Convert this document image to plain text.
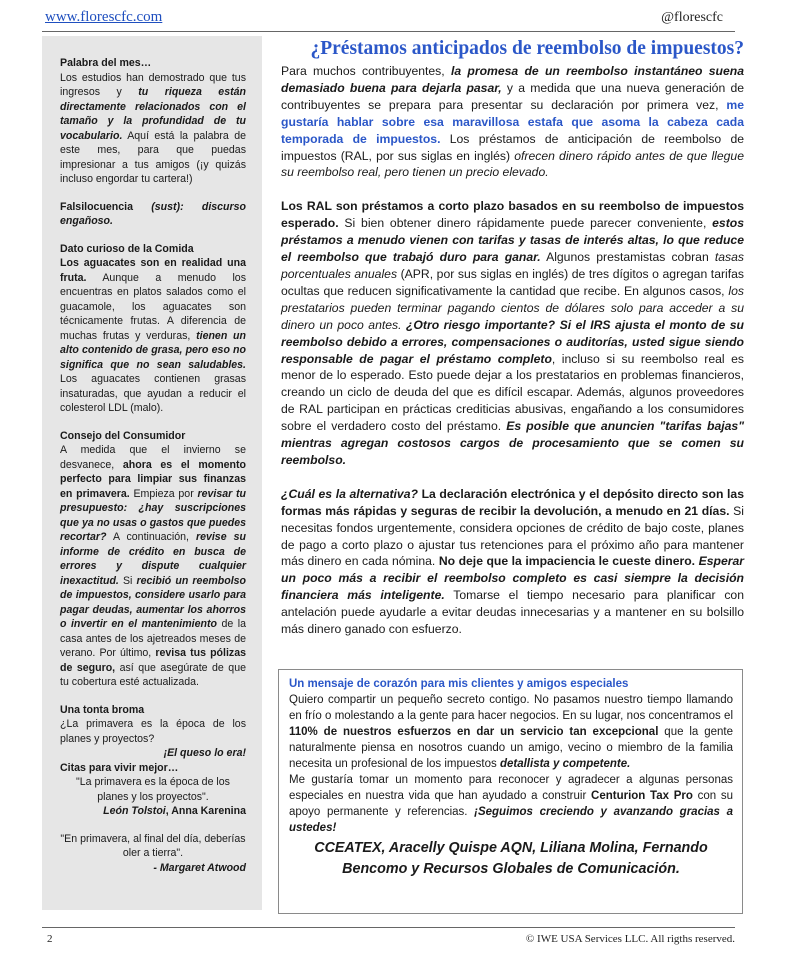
www.florescfc.com	@florescfc

Palabra del mes…

Los estudios han demostrado que tus ingresos y tu riqueza están directamente relacionados con el tamaño y la profundidad de tu vocabulario. Aquí está la palabra de este mes, para que puedas impresionar a tus amigos (¡y quizás incluso engordar tu cartera!)

Falsilocuencia (sust): discurso engañoso.

Dato curioso de la Comida

Los aguacates son en realidad una fruta. Aunque a menudo los encuentras en platos salados como el guacamole, los aguacates son técnicamente frutas. A diferencia de muchas frutas y verduras, tienen un alto contenido de grasa, pero eso no significa que no sean saludables. Los aguacates contienen grasas insaturadas, que ayudan a reducir el colesterol LDL (malo).

Consejo del Consumidor

A medida que el invierno se desvanece, ahora es el momento perfecto para limpiar sus finanzas en primavera. Empieza por revisar tu presupuesto: ¿hay suscripciones que ya no usas o gastos que puedes recortar? A continuación, revise su informe de crédito en busca de errores y dispute cualquier inexactitud. Si recibió un reembolso de impuestos, considere usarlo para pagar deudas, aumentar los ahorros o invertir en el mantenimiento de la casa antes de los ajetreados meses de verano. Por último, revisa tus pólizas de seguro, así que asegúrate de que tu cobertura esté actualizada.

Una tonta broma

¿La primavera es la época de los planes y proyectos?

¡El queso lo era!

Citas para vivir mejor…

"La primavera es la época de los planes y los proyectos".

León Tolstoi, Anna Karenina

"En primavera, al final del día, deberías oler a tierra".

- Margaret Atwood

¿Préstamos anticipados de reembolso de impuestos?

Para muchos contribuyentes, la promesa de un reembolso instantáneo suena demasiado buena para dejarla pasar, y a medida que una nueva generación de contribuyentes se prepara para presentar su declaración por primera vez, me gustaría hablar sobre esa maravillosa estafa que asoma la cabeza cada temporada de impuestos. Los préstamos de anticipación de reembolso de impuestos (RAL, por sus siglas en inglés) ofrecen dinero rápido antes de que llegue su reembolso real, pero tienen un precio elevado.

Los RAL son préstamos a corto plazo basados en su reembolso de impuestos esperado. Si bien obtener dinero rápidamente puede parecer conveniente, estos préstamos a menudo vienen con tarifas y tasas de interés altas, lo que reduce el reembolso que trabajó duro para ganar. Algunos prestamistas cobran tasas porcentuales anuales (APR, por sus siglas en inglés) de tres dígitos o agregan tarifas ocultas que reducen significativamente la cantidad que recibe. En algunos casos, los prestatarios pueden terminar pagando cientos de dólares solo para acceder a su dinero un poco antes. ¿Otro riesgo importante? Si el IRS ajusta el monto de su reembolso debido a errores, compensaciones o auditorías, usted sigue siendo responsable de pagar el préstamo completo, incluso si su reembolso real es menor de lo esperado. Esto puede dejar a los prestatarios en problemas financieros, creando un ciclo de deuda del que es difícil escapar. Además, algunos proveedores de RAL participan en prácticas crediticias abusivas, engañando a los consumidores sobre el verdadero costo del préstamo. Es posible que anuncien "tarifas bajas" mientras agregan costosos cargos de procesamiento que se comen su reembolso.

¿Cuál es la alternativa? La declaración electrónica y el depósito directo son las formas más rápidas y seguras de recibir la devolución, a menudo en 21 días. Si necesitas fondos urgentemente, considera opciones de crédito de bajo coste, planes de pago a corto plazo o ajustar tus retenciones para el próximo año para mantener más dinero en cada nómina. No deje que la impaciencia le cueste dinero. Esperar un poco más a recibir el reembolso completo es casi siempre la decisión financiera más inteligente. Tomarse el tiempo necesario para planificar con antelación puede ayudarle a evitar deudas innecesarias y a mantener en su bolsillo más dinero ganado con esfuerzo.

Un mensaje de corazón para mis clientes y amigos especiales

Quiero compartir un pequeño secreto contigo. No pasamos nuestro tiempo llamando en frío o molestando a la gente para hacer negocios. En su lugar, nos concentramos el 110% de nuestros esfuerzos en dar un servicio tan excepcional que la gente naturalmente piensa en nosotros cuando un amigo, vecino o miembro de la familia necesita un profesional de los impuestos detallista y competente.

Me gustaría tomar un momento para reconocer y agradecer a algunas personas especiales en nuestra vida que han ayudado a construir Centurion Tax Pro con su apoyo permanente y referencias. ¡Seguimos creciendo y avanzando gracias a ustedes!

CCEATEX, Aracelly Quispe AQN, Liliana Molina, Fernando Bencomo y Recursos Globales de Comunicación.

2	© IWE USA Services LLC. All rigths reserved.
